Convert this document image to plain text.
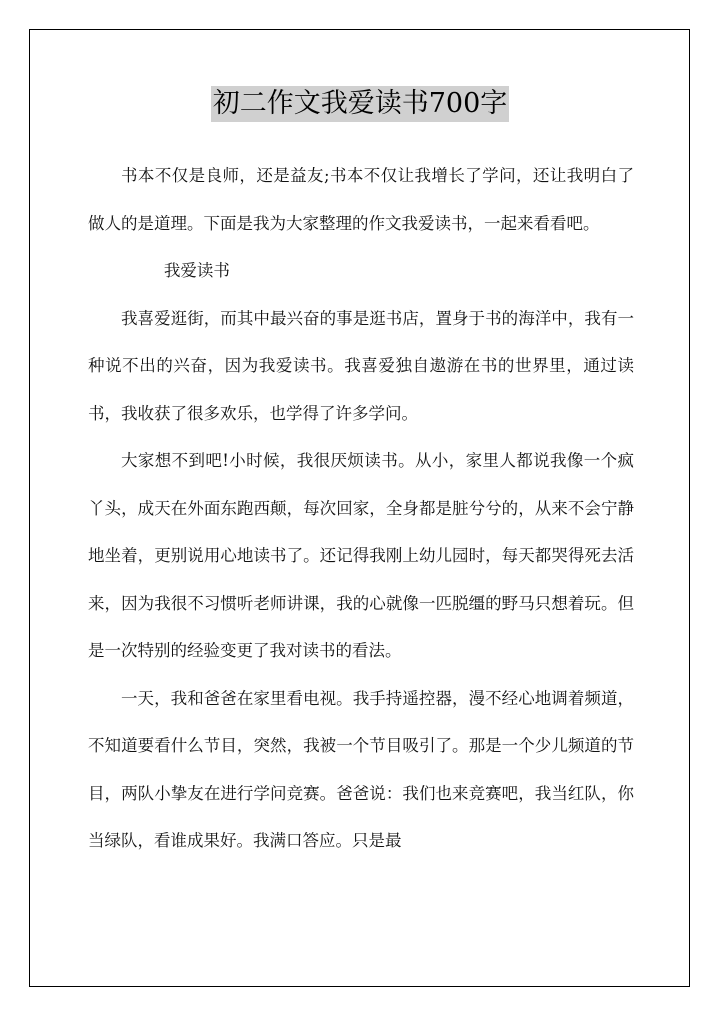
初二作文我爱读书700字

书本不仅是良师，还是益友;书本不仅让我增长了学问，还让我明白了做人的是道理。下面是我为大家整理的作文我爱读书，一起来看看吧。

我爱读书

我喜爱逛街，而其中最兴奋的事是逛书店，置身于书的海洋中，我有一种说不出的兴奋，因为我爱读书。我喜爱独自遨游在书的世界里，通过读书，我收获了很多欢乐，也学得了许多学问。

大家想不到吧!小时候，我很厌烦读书。从小，家里人都说我像一个疯丫头，成天在外面东跑西颠，每次回家，全身都是脏兮兮的，从来不会宁静地坐着，更别说用心地读书了。还记得我刚上幼儿园时，每天都哭得死去活来，因为我很不习惯听老师讲课，我的心就像一匹脱缰的野马只想着玩。但是一次特别的经验变更了我对读书的看法。

一天，我和爸爸在家里看电视。我手持遥控器，漫不经心地调着频道，不知道要看什么节目，突然，我被一个节目吸引了。那是一个少儿频道的节目，两队小挚友在进行学问竞赛。爸爸说：我们也来竞赛吧，我当红队，你当绿队，看谁成果好。我满口答应。只是最
